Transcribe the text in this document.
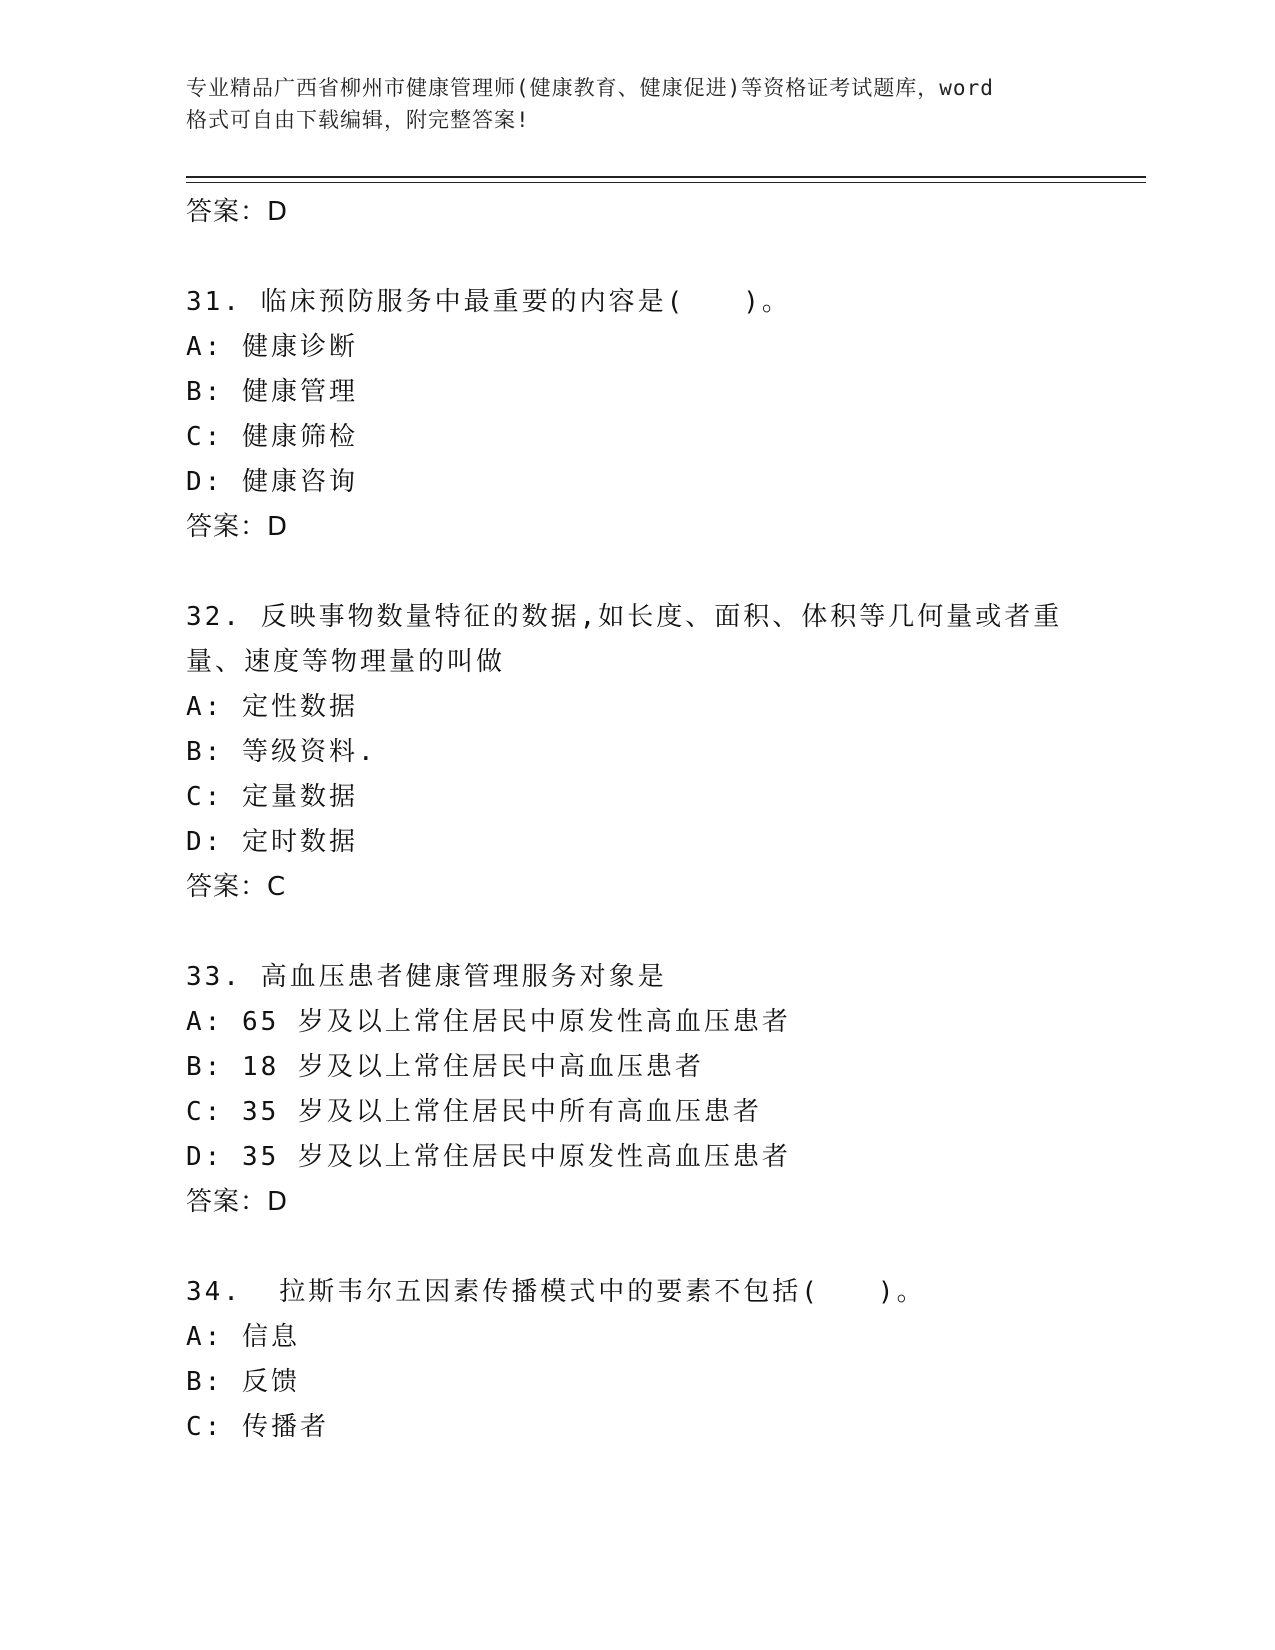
专业精品广西省柳州市健康管理师(健康教育、健康促进)等资格证考试题库，word
格式可自由下载编辑，附完整答案!
答案：D
31. 临床预防服务中最重要的内容是(　　)。
A: 健康诊断
B: 健康管理
C: 健康筛检
D: 健康咨询
答案：D
32. 反映事物数量特征的数据,如长度、面积、体积等几何量或者重量、速度等物理量的叫做
A: 定性数据
B: 等级资料.
C: 定量数据
D: 定时数据
答案：C
33. 高血压患者健康管理服务对象是
A: 65 岁及以上常住居民中原发性高血压患者
B: 18 岁及以上常住居民中高血压患者
C: 35 岁及以上常住居民中所有高血压患者
D: 35 岁及以上常住居民中原发性高血压患者
答案：D
34.  拉斯韦尔五因素传播模式中的要素不包括(　　)。
A: 信息
B: 反馈
C: 传播者
